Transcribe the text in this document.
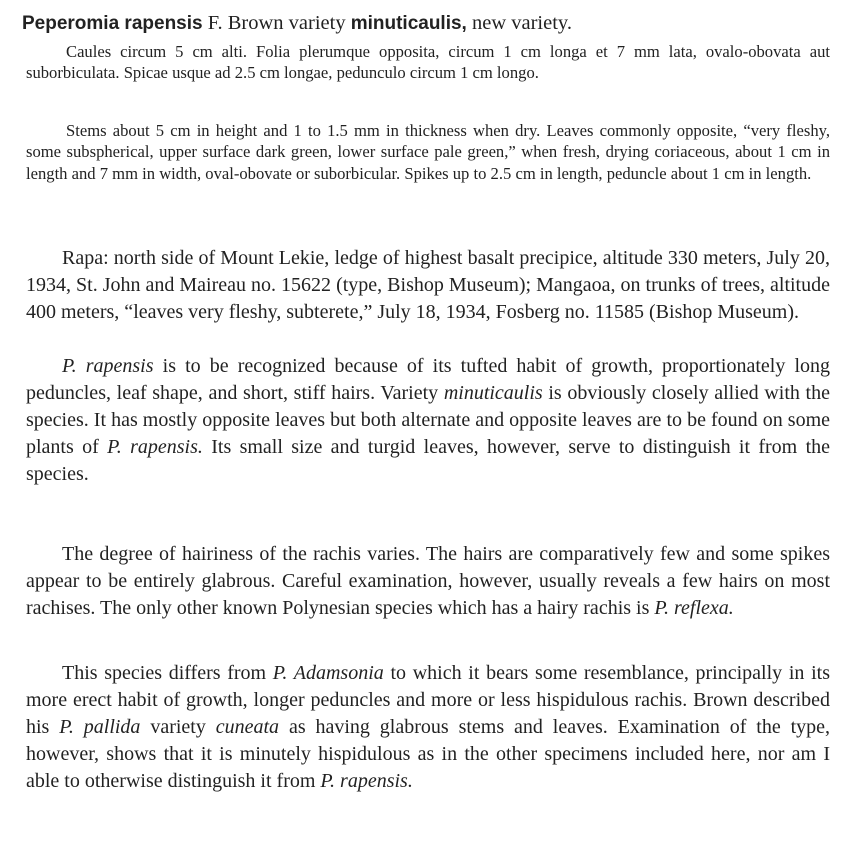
Peperomia rapensis F. Brown variety minuticaulis, new variety.

Caules circum 5 cm alti. Folia plerumque opposita, circum 1 cm longa et 7 mm lata, ovalo-obovata aut suborbiculata. Spicae usque ad 2.5 cm longae, pedunculo circum 1 cm longo.

Stems about 5 cm in height and 1 to 1.5 mm in thickness when dry. Leaves commonly opposite, “very fleshy, some subspherical, upper surface dark green, lower surface pale green,” when fresh, drying coriaceous, about 1 cm in length and 7 mm in width, oval-obovate or suborbicular. Spikes up to 2.5 cm in length, peduncle about 1 cm in length.

Rapa: north side of Mount Lekie, ledge of highest basalt precipice, altitude 330 meters, July 20, 1934, St. John and Maireau no. 15622 (type, Bishop Museum); Mangaoa, on trunks of trees, altitude 400 meters, “leaves very fleshy, subterete,” July 18, 1934, Fosberg no. 11585 (Bishop Museum).

P. rapensis is to be recognized because of its tufted habit of growth, proportionately long peduncles, leaf shape, and short, stiff hairs. Variety minuticaulis is obviously closely allied with the species. It has mostly opposite leaves but both alternate and opposite leaves are to be found on some plants of P. rapensis. Its small size and turgid leaves, however, serve to distinguish it from the species.

The degree of hairiness of the rachis varies. The hairs are comparatively few and some spikes appear to be entirely glabrous. Careful examination, however, usually reveals a few hairs on most rachises. The only other known Polynesian species which has a hairy rachis is P. reflexa.

This species differs from P. Adamsonia to which it bears some resemblance, principally in its more erect habit of growth, longer peduncles and more or less hispidulous rachis. Brown described his P. pallida variety cuneata as having glabrous stems and leaves. Examination of the type, however, shows that it is minutely hispidulous as in the other specimens included here, nor am I able to otherwise distinguish it from P. rapensis.
